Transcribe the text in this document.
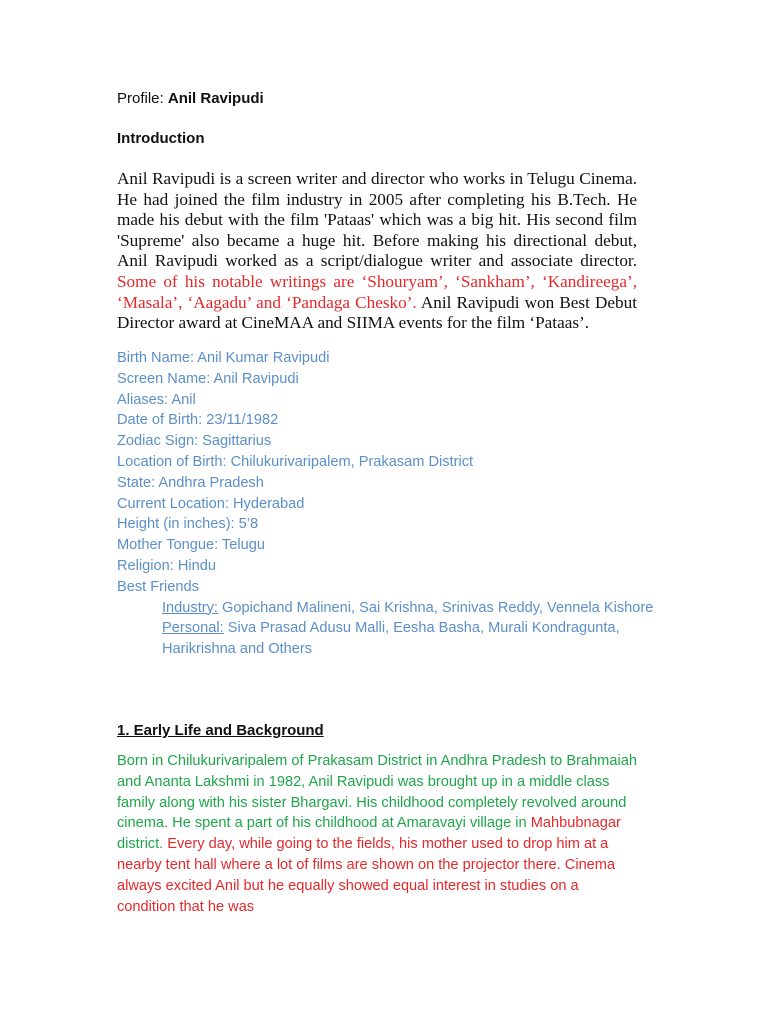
Profile: Anil Ravipudi
Introduction
Anil Ravipudi is a screen writer and director who works in Telugu Cinema. He had joined the film industry in 2005 after completing his B.Tech. He made his debut with the film 'Pataas' which was a big hit. His second film 'Supreme' also became a huge hit. Before making his directional debut, Anil Ravipudi worked as a script/dialogue writer and associate director. Some of his notable writings are ‘Shouryam’, ‘Sankham’, ‘Kandireega’, ‘Masala’, ‘Aagadu’ and ‘Pandaga Chesko’. Anil Ravipudi won Best Debut Director award at CineMAA and SIIMA events for the film ‘Pataas’.
Birth Name: Anil Kumar Ravipudi
Screen Name: Anil Ravipudi
Aliases: Anil
Date of Birth: 23/11/1982
Zodiac Sign: Sagittarius
Location of Birth: Chilukurivaripalem, Prakasam District
State: Andhra Pradesh
Current Location: Hyderabad
Height (in inches): 5’8
Mother Tongue: Telugu
Religion: Hindu
Best Friends
Industry: Gopichand Malineni, Sai Krishna, Srinivas Reddy, Vennela Kishore
Personal: Siva Prasad Adusu Malli, Eesha Basha, Murali Kondragunta, Harikrishna and Others
1. Early Life and Background
Born in Chilukurivaripalem of Prakasam District in Andhra Pradesh to Brahmaiah and Ananta Lakshmi in 1982, Anil Ravipudi was brought up in a middle class family along with his sister Bhargavi. His childhood completely revolved around cinema. He spent a part of his childhood at Amaravayi village in Mahbubnagar district. Every day, while going to the fields, his mother used to drop him at a nearby tent hall where a lot of films are shown on the projector there. Cinema always excited Anil but he equally showed equal interest in studies on a condition that he was
